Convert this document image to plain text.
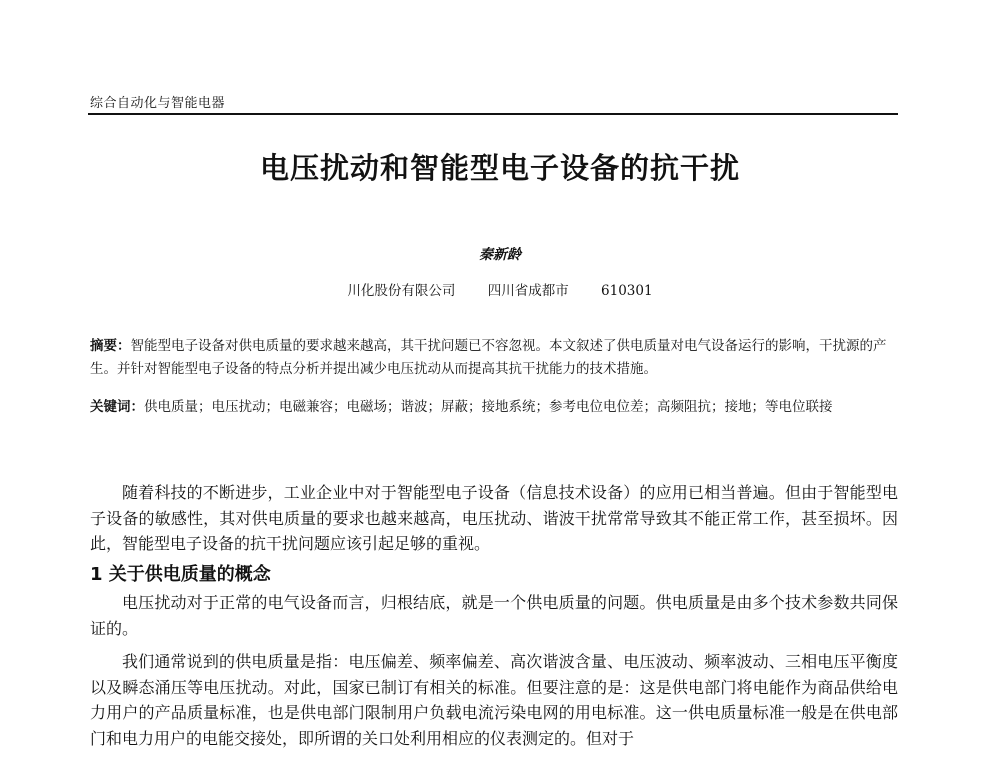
综合自动化与智能电器
电压扰动和智能型电子设备的抗干扰
秦新龄
川化股份有限公司 四川省成都市 610301
摘要：智能型电子设备对供电质量的要求越来越高，其干扰问题已不容忽视。本文叙述了供电质量对电气设备运行的影响，干扰源的产生。并针对智能型电子设备的特点分析并提出减少电压扰动从而提高其抗干扰能力的技术措施。
关键词：供电质量；电压扰动；电磁兼容；电磁场；谐波；屏蔽；接地系统；参考电位电位差；高频阻抗；接地；等电位联接

随着科技的不断进步，工业企业中对于智能型电子设备（信息技术设备）的应用已相当普遍。但由于智能型电子设备的敏感性，其对供电质量的要求也越来越高，电压扰动、谐波干扰常常导致其不能正常工作，甚至损坏。因此，智能型电子设备的抗干扰问题应该引起足够的重视。

1 关于供电质量的概念

电压扰动对于正常的电气设备而言，归根结底，就是一个供电质量的问题。供电质量是由多个技术参数共同保证的。

我们通常说到的供电质量是指：电压偏差、频率偏差、高次谐波含量、电压波动、频率波动、三相电压平衡度以及瞬态涌压等电压扰动。对此，国家已制订有相关的标准。但要注意的是：这是供电部门将电能作为商品供给电力用户的产品质量标准，也是供电部门限制用户负载电流污染电网的用电标准。这一供电质量标准一般是在供电部门和电力用户的电能交接处，即所谓的关口处利用相应的仪表测定的。但对于
